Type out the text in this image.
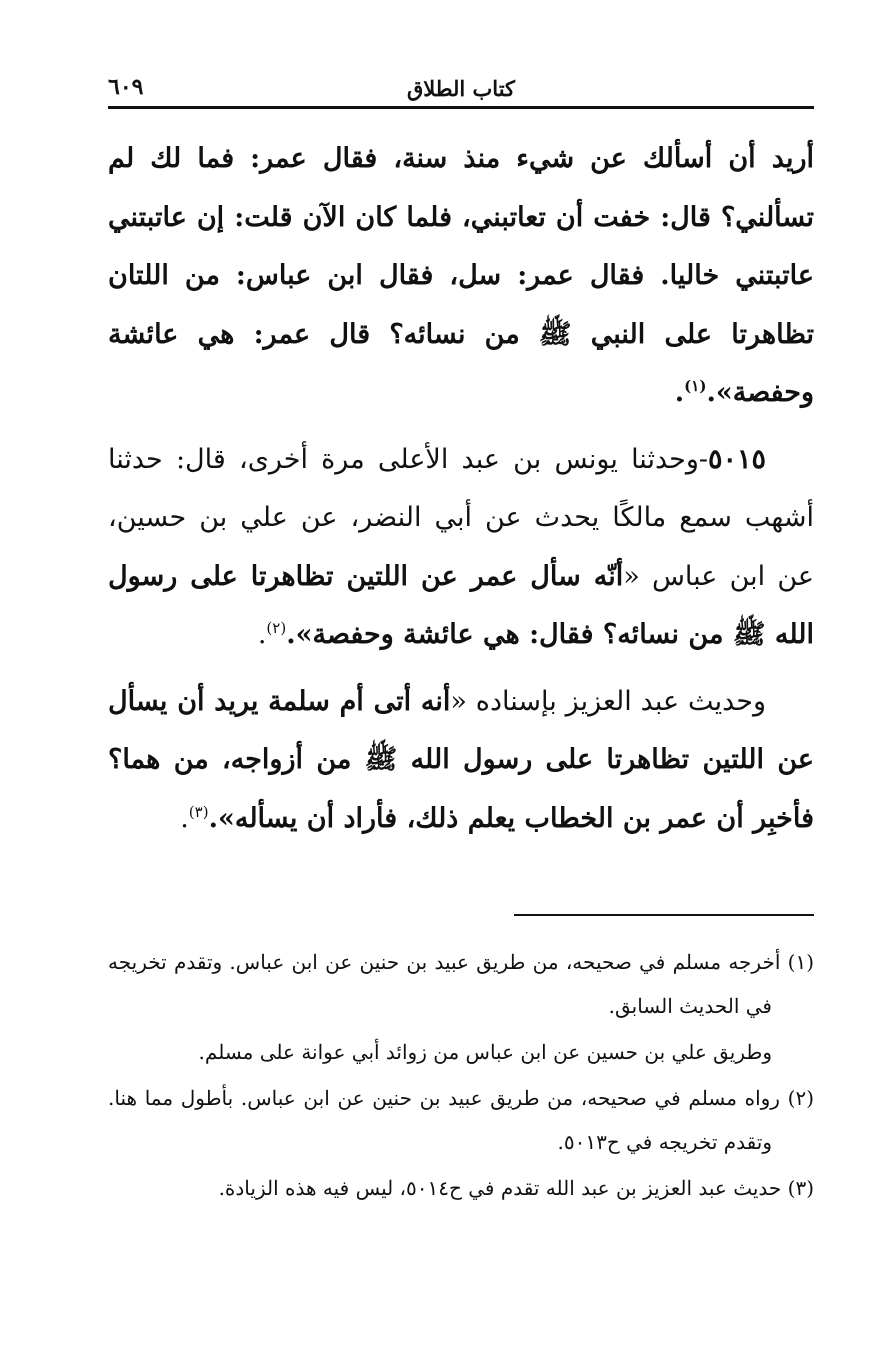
كتاب الطلاق
٦٠٩

أريد أن أسألك عن شيء منذ سنة، فقال عمر: فما لك لم تسألني؟ قال: خفت أن تعاتبني، فلما كان الآن قلت: إن عاتبتني عاتبتني خاليا. فقال عمر: سل، فقال ابن عباس: من اللتان تظاهرتا على النبي ﷺ من نسائه؟ قال عمر: هي عائشة وحفصة».$^{(١)}$.

٥٠١٥-وحدثنا يونس بن عبد الأعلى مرة أخرى، قال: حدثنا أشهب سمع مالكًا يحدث عن أبي النضر، عن علي بن حسين، عن ابن عباس «أنّه سأل عمر عن اللتين تظاهرتا على رسول الله ﷺ من نسائه؟ فقال: هي عائشة وحفصة».$^{(٢)}$.

وحديث عبد العزيز بإسناده «أنه أتى أم سلمة يريد أن يسأل عن اللتين تظاهرتا على رسول الله ﷺ من أزواجه، من هما؟ فأخبِر أن عمر بن الخطاب يعلم ذلك، فأراد أن يسأله».$^{(٣)}$.

(١) أخرجه مسلم في صحيحه، من طريق عبيد بن حنين عن ابن عباس. وتقدم تخريجه في الحديث السابق.

وطريق علي بن حسين عن ابن عباس من زوائد أبي عوانة على مسلم.

(٢) رواه مسلم في صحيحه، من طريق عبيد بن حنين عن ابن عباس. بأطول مما هنا. وتقدم تخريجه في ح٥٠١٣.

(٣) حديث عبد العزيز بن عبد الله تقدم في ح٥٠١٤، ليس فيه هذه الزيادة.
